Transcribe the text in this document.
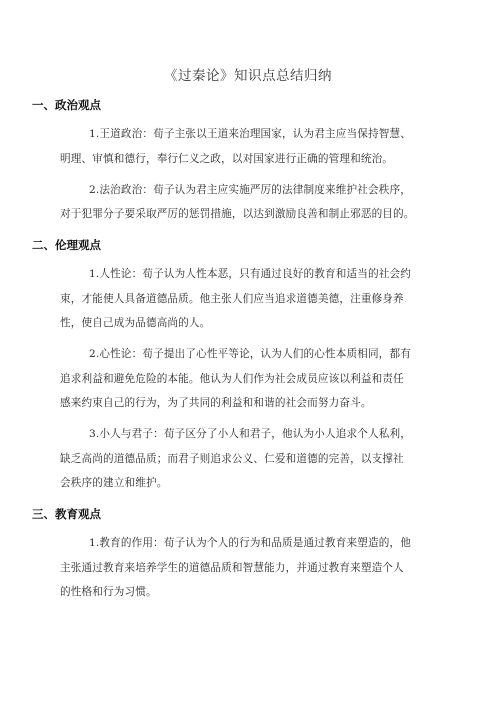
《过秦论》知识点总结归纳
一、政治观点
1.王道政治：荀子主张以王道来治理国家，认为君主应当保持智慧、
明理、审慎和德行，奉行仁义之政，以对国家进行正确的管理和统治。
2.法治政治：荀子认为君主应实施严厉的法律制度来维护社会秩序，
对于犯罪分子要采取严厉的惩罚措施，以达到激励良善和制止邪恶的目的。
二、伦理观点
1.人性论：荀子认为人性本恶，只有通过良好的教育和适当的社会约
束，才能使人具备道德品质。他主张人们应当追求道德美德，注重修身养
性，使自己成为品德高尚的人。
2.心性论：荀子提出了心性平等论，认为人们的心性本质相同，都有
追求利益和避免危险的本能。他认为人们作为社会成员应该以利益和责任
感来约束自己的行为，为了共同的利益和和谐的社会而努力奋斗。
3.小人与君子：荀子区分了小人和君子，他认为小人追求个人私利，
缺乏高尚的道德品质；而君子则追求公义、仁爱和道德的完善，以支撑社
会秩序的建立和维护。
三、教育观点
1.教育的作用：荀子认为个人的行为和品质是通过教育来塑造的，他
主张通过教育来培养学生的道德品质和智慧能力，并通过教育来塑造个人
的性格和行为习惯。
